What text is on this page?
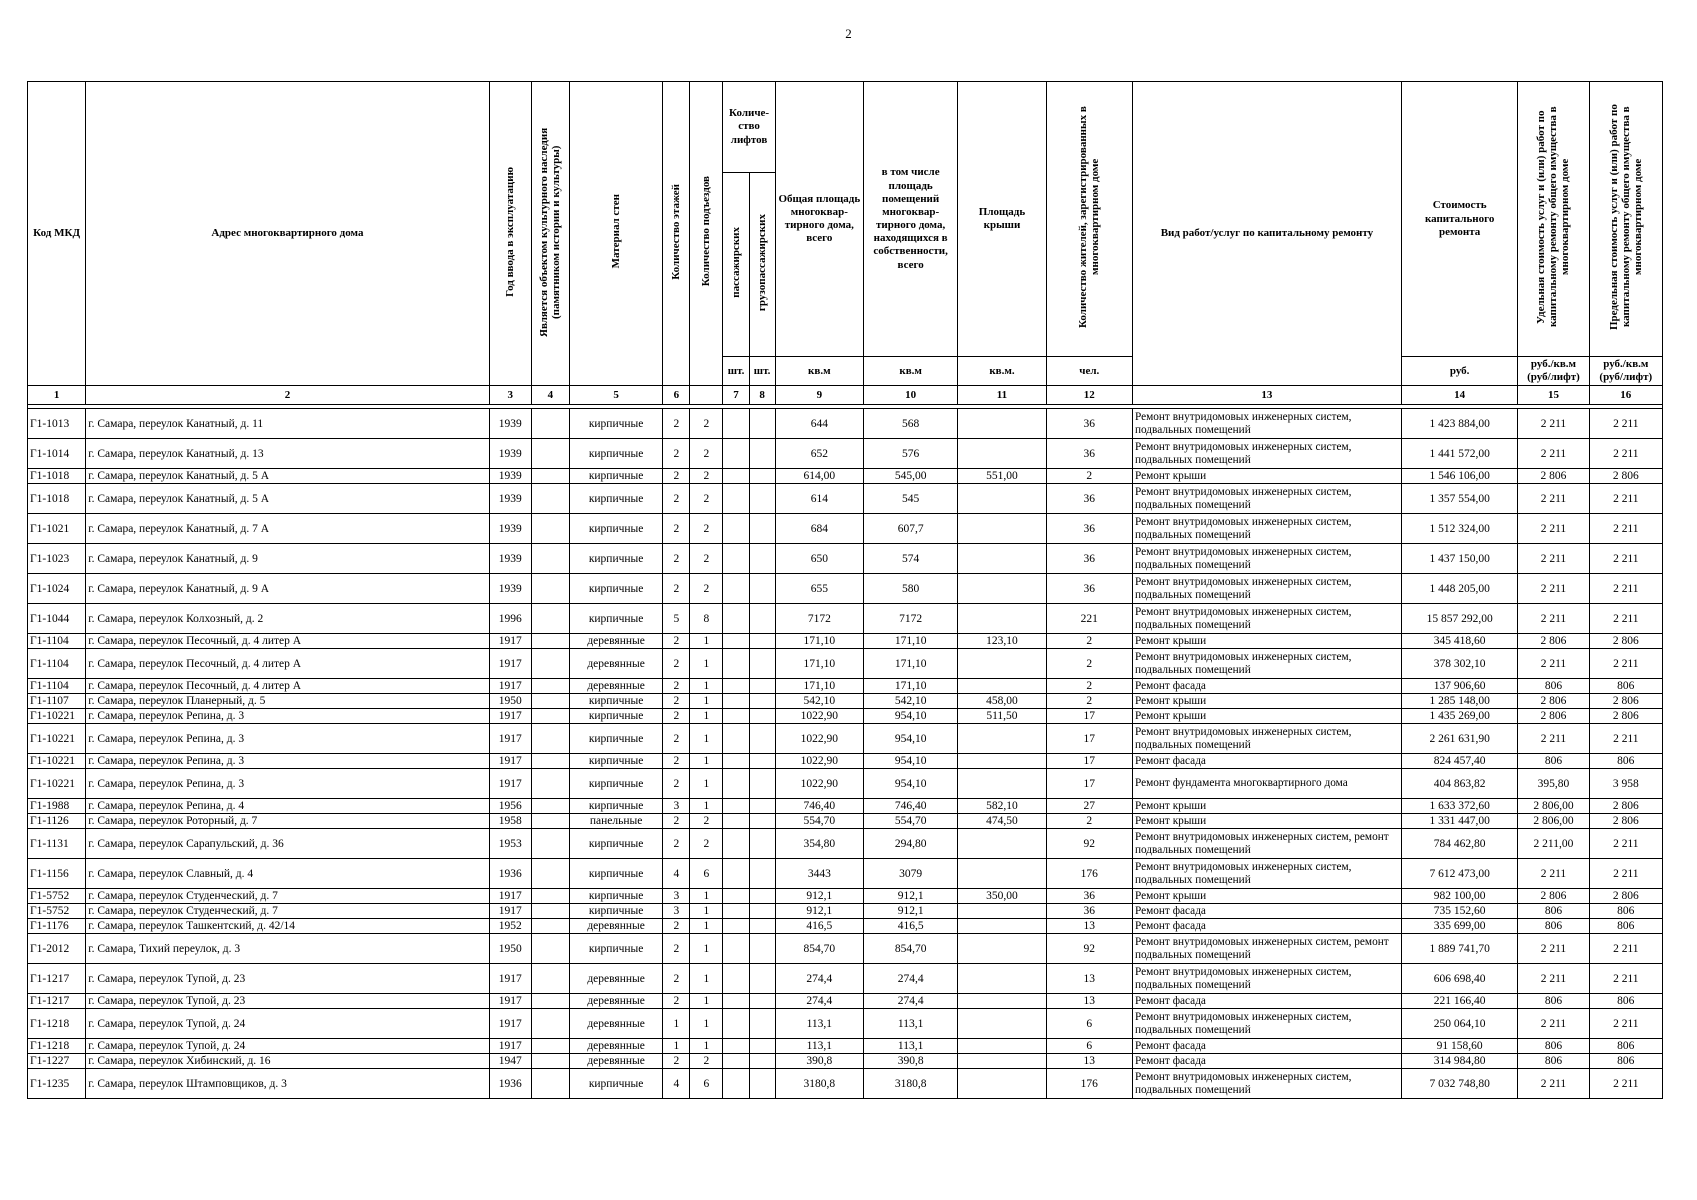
2
Код МКД	Адрес многоквартирного дома	Год ввода в эксплуатацию	Является объектом культурного наследия (памятником истории и культуры)	Материал стен	Количество этажей	Количество подъездов	Количе-ство лифтов		Общая площадь многоквар-тирного дома, всего	в том числе площадь помещений многоквар-тирного дома, находящихся в собственности, всего	Площадь крыши	Количество жителей, зарегистрированных в многоквартирном доме	Вид работ/услуг по капитальному ремонту	Стоимость капитального ремонта	Удельная стоимость услуг и (или) работ по капитальному ремонту общего имущества в многоквартирном доме	Предельная стоимость услуг и (или) работ по капитальному ремонту общего имущества в многоквартирном доме
							пассажирских	грузопассажирских								
							шт.	шт.	кв.м	кв.м	кв.м.	чел.		руб.	руб./кв.м (руб/лифт)	руб./кв.м (руб/лифт)
1	2	3	4	5	6		7	8	9	10	11	12	13	14	15	16

Г1-1013	г. Самара, переулок Канатный, д. 11	1939		кирпичные	2	2			644	568		36	Ремонт внутридомовых инженерных систем, подвальных помещений	1 423 884,00	2 211	2 211
Г1-1014	г. Самара, переулок Канатный, д. 13	1939		кирпичные	2	2			652	576		36	Ремонт внутридомовых инженерных систем, подвальных помещений	1 441 572,00	2 211	2 211
Г1-1018	г. Самара, переулок Канатный, д. 5 А	1939		кирпичные	2	2			614,00	545,00	551,00	2	Ремонт крыши	1 546 106,00	2 806	2 806
Г1-1018	г. Самара, переулок Канатный, д. 5 А	1939		кирпичные	2	2			614	545		36	Ремонт внутридомовых инженерных систем, подвальных помещений	1 357 554,00	2 211	2 211
Г1-1021	г. Самара, переулок Канатный, д. 7 А	1939		кирпичные	2	2			684	607,7		36	Ремонт внутридомовых инженерных систем, подвальных помещений	1 512 324,00	2 211	2 211
Г1-1023	г. Самара, переулок Канатный, д. 9	1939		кирпичные	2	2			650	574		36	Ремонт внутридомовых инженерных систем, подвальных помещений	1 437 150,00	2 211	2 211
Г1-1024	г. Самара, переулок Канатный, д. 9 А	1939		кирпичные	2	2			655	580		36	Ремонт внутридомовых инженерных систем, подвальных помещений	1 448 205,00	2 211	2 211
Г1-1044	г. Самара, переулок Колхозный, д. 2	1996		кирпичные	5	8			7172	7172		221	Ремонт внутридомовых инженерных систем, подвальных помещений	15 857 292,00	2 211	2 211
Г1-1104	г. Самара, переулок Песочный, д. 4 литер А	1917		деревянные	2	1			171,10	171,10	123,10	2	Ремонт крыши	345 418,60	2 806	2 806
Г1-1104	г. Самара, переулок Песочный, д. 4 литер А	1917		деревянные	2	1			171,10	171,10		2	Ремонт внутридомовых инженерных систем, подвальных помещений	378 302,10	2 211	2 211
Г1-1104	г. Самара, переулок Песочный, д. 4 литер А	1917		деревянные	2	1			171,10	171,10		2	Ремонт фасада	137 906,60	806	806
Г1-1107	г. Самара, переулок Планерный, д. 5	1950		кирпичные	2	1			542,10	542,10	458,00	2	Ремонт крыши	1 285 148,00	2 806	2 806
Г1-10221	г. Самара, переулок Репина, д. 3	1917		кирпичные	2	1			1022,90	954,10	511,50	17	Ремонт крыши	1 435 269,00	2 806	2 806
Г1-10221	г. Самара, переулок Репина, д. 3	1917		кирпичные	2	1			1022,90	954,10		17	Ремонт внутридомовых инженерных систем, подвальных помещений	2 261 631,90	2 211	2 211
Г1-10221	г. Самара, переулок Репина, д. 3	1917		кирпичные	2	1			1022,90	954,10		17	Ремонт фасада	824 457,40	806	806
Г1-10221	г. Самара, переулок Репина, д. 3	1917		кирпичные	2	1			1022,90	954,10		17	Ремонт фундамента многоквартирного дома	404 863,82	395,80	3 958
Г1-1988	г. Самара, переулок Репина, д. 4	1956		кирпичные	3	1			746,40	746,40	582,10	27	Ремонт крыши	1 633 372,60	2 806,00	2 806
Г1-1126	г. Самара, переулок Роторный, д. 7	1958		панельные	2	2			554,70	554,70	474,50	2	Ремонт крыши	1 331 447,00	2 806,00	2 806
Г1-1131	г. Самара, переулок Сарапульский, д. 36	1953		кирпичные	2	2			354,80	294,80		92	Ремонт внутридомовых инженерных систем, ремонт подвальных помещений	784 462,80	2 211,00	2 211
Г1-1156	г. Самара, переулок Славный, д. 4	1936		кирпичные	4	6			3443	3079		176	Ремонт внутридомовых инженерных систем, подвальных помещений	7 612 473,00	2 211	2 211
Г1-5752	г. Самара, переулок Студенческий, д. 7	1917		кирпичные	3	1			912,1	912,1	350,00	36	Ремонт крыши	982 100,00	2 806	2 806
Г1-5752	г. Самара, переулок Студенческий, д. 7	1917		кирпичные	3	1			912,1	912,1		36	Ремонт фасада	735 152,60	806	806
Г1-1176	г. Самара, переулок Ташкентский, д. 42/14	1952		деревянные	2	1			416,5	416,5		13	Ремонт фасада	335 699,00	806	806
Г1-2012	г. Самара, Тихий переулок, д. 3	1950		кирпичные	2	1			854,70	854,70		92	Ремонт внутридомовых инженерных систем, ремонт подвальных помещений	1 889 741,70	2 211	2 211
Г1-1217	г. Самара, переулок Тупой, д. 23	1917		деревянные	2	1			274,4	274,4		13	Ремонт внутридомовых инженерных систем, подвальных помещений	606 698,40	2 211	2 211
Г1-1217	г. Самара, переулок Тупой, д. 23	1917		деревянные	2	1			274,4	274,4		13	Ремонт фасада	221 166,40	806	806
Г1-1218	г. Самара, переулок Тупой, д. 24	1917		деревянные	1	1			113,1	113,1		6	Ремонт внутридомовых инженерных систем, подвальных помещений	250 064,10	2 211	2 211
Г1-1218	г. Самара, переулок Тупой, д. 24	1917		деревянные	1	1			113,1	113,1		6	Ремонт фасада	91 158,60	806	806
Г1-1227	г. Самара, переулок Хибинский, д. 16	1947		деревянные	2	2			390,8	390,8		13	Ремонт фасада	314 984,80	806	806
Г1-1235	г. Самара, переулок Штамповщиков, д. 3	1936		кирпичные	4	6			3180,8	3180,8		176	Ремонт внутридомовых инженерных систем, подвальных помещений	7 032 748,80	2 211	2 211
